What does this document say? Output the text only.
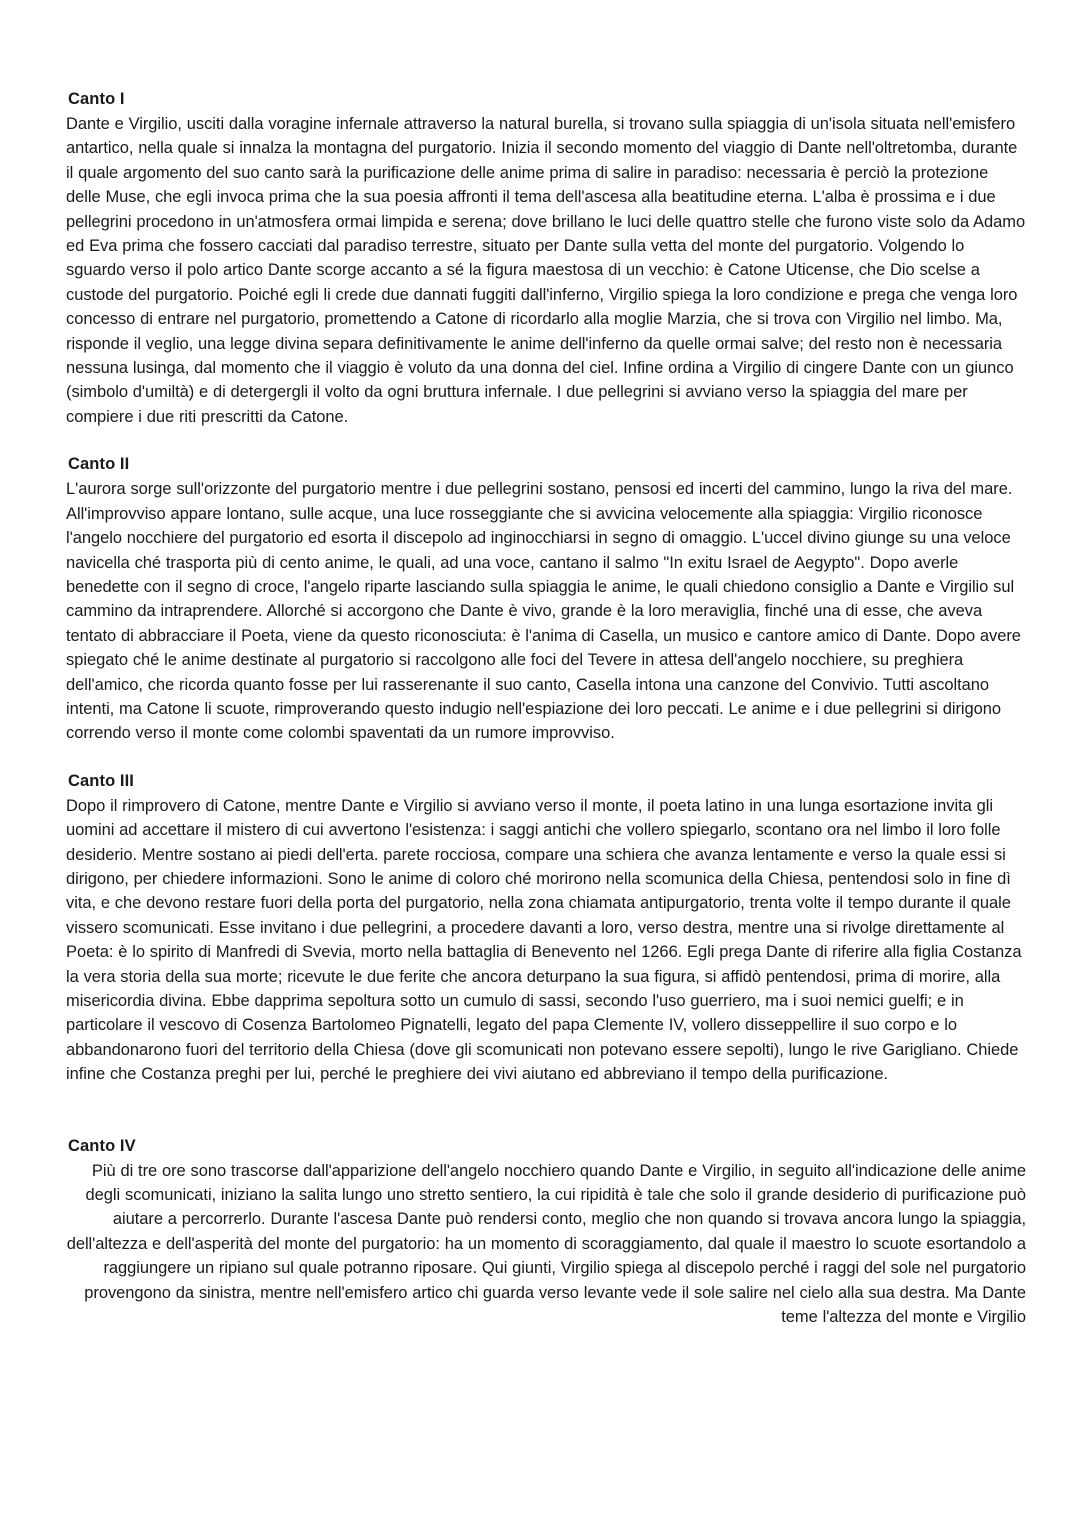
Canto I

Dante e Virgilio, usciti dalla voragine infernale attraverso la natural burella, si trovano sulla spiaggia di un'isola situata nell'emisfero antartico, nella quale si innalza la montagna del purgatorio. Inizia il secondo momento del viaggio di Dante nell'oltretomba, durante il quale argomento del suo canto sarà la purificazione delle anime prima di salire in paradiso: necessaria è perciò la protezione delle Muse, che egli invoca prima che la sua poesia affronti il tema dell'ascesa alla beatitudine eterna. L'alba è prossima e i due pellegrini procedono in un'atmosfera ormai limpida e serena; dove brillano le luci delle quattro stelle che furono viste solo da Adamo ed Eva prima che fossero cacciati dal paradiso terrestre, situato per Dante sulla vetta del monte del purgatorio. Volgendo lo sguardo verso il polo artico Dante scorge accanto a sé la figura maestosa di un vecchio: è Catone Uticense, che Dio scelse a custode del purgatorio. Poiché egli li crede due dannati fuggiti dall'inferno, Virgilio spiega la loro condizione e prega che venga loro concesso di entrare nel purgatorio, promettendo a Catone di ricordarlo alla moglie Marzia, che si trova con Virgilio nel limbo. Ma, risponde il veglio, una legge divina separa definitivamente le anime dell'inferno da quelle ormai salve; del resto non è necessaria nessuna lusinga, dal momento che il viaggio è voluto da una donna del ciel. Infine ordina a Virgilio di cingere Dante con un giunco (simbolo d'umiltà) e di detergergli il volto da ogni bruttura infernale. I due pellegrini si avviano verso la spiaggia del mare per compiere i due riti prescritti da Catone.

Canto II

L'aurora sorge sull'orizzonte del purgatorio mentre i due pellegrini sostano, pensosi ed incerti del cammino, lungo la riva del mare. All'improvviso appare lontano, sulle acque, una luce rosseggiante che si avvicina velocemente alla spiaggia: Virgilio riconosce l'angelo nocchiere del purgatorio ed esorta il discepolo ad inginocchiarsi in segno di omaggio. L'uccel divino giunge su una veloce navicella ché trasporta più di cento anime, le quali, ad una voce, cantano il salmo "In exitu Israel de Aegypto". Dopo averle benedette con il segno di croce, l'angelo riparte lasciando sulla spiaggia le anime, le quali chiedono consiglio a Dante e Virgilio sul cammino da intraprendere. Allorché si accorgono che Dante è vivo, grande è la loro meraviglia, finché una di esse, che aveva tentato di abbracciare il Poeta, viene da questo riconosciuta: è l'anima di Casella, un musico e cantore amico di Dante. Dopo avere spiegato ché le anime destinate al purgatorio si raccolgono alle foci del Tevere in attesa dell'angelo nocchiere, su preghiera dell'amico, che ricorda quanto fosse per lui rasserenante il suo canto, Casella intona una canzone del Convivio. Tutti ascoltano intenti, ma Catone li scuote, rimproverando questo indugio nell'espiazione dei loro peccati. Le anime e i due pellegrini si dirigono correndo verso il monte come colombi spaventati da un rumore improvviso.

Canto III

Dopo il rimprovero di Catone, mentre Dante e Virgilio si avviano verso il monte, il poeta latino in una lunga esortazione invita gli uomini ad accettare il mistero di cui avvertono l'esistenza: i saggi antichi che vollero spiegarlo, scontano ora nel limbo il loro folle desiderio. Mentre sostano ai piedi dell'erta. parete rocciosa, compare una schiera che avanza lentamente e verso la quale essi si dirigono, per chiedere informazioni. Sono le anime di coloro ché morirono nella scomunica della Chiesa, pentendosi solo in fine dì vita, e che devono restare fuori della porta del purgatorio, nella zona chiamata antipurgatorio, trenta volte il tempo durante il quale vissero scomunicati. Esse invitano i due pellegrini, a procedere davanti a loro, verso destra, mentre una si rivolge direttamente al Poeta: è lo spirito di Manfredi di Svevia, morto nella battaglia di Benevento nel 1266. Egli prega Dante di riferire alla figlia Costanza la vera storia della sua morte; ricevute le due ferite che ancora deturpano la sua figura, si affidò pentendosi, prima di morire, alla misericordia divina. Ebbe dapprima sepoltura sotto un cumulo di sassi, secondo l'uso guerriero, ma i suoi nemici guelfi; e in particolare il vescovo di Cosenza Bartolomeo Pignatelli, legato del papa Clemente IV, vollero disseppellire il suo corpo e lo abbandonarono fuori del territorio della Chiesa (dove gli scomunicati non potevano essere sepolti), lungo le rive Garigliano. Chiede infine che Costanza preghi per lui, perché le preghiere dei vivi aiutano ed abbreviano il tempo della purificazione.

Canto IV

Più di tre ore sono trascorse dall'apparizione dell'angelo nocchiero quando Dante e Virgilio, in seguito all'indicazione delle anime degli scomunicati, iniziano la salita lungo uno stretto sentiero, la cui ripidità è tale che solo il grande desiderio di purificazione può aiutare a percorrerlo. Durante l'ascesa Dante può rendersi conto, meglio che non quando si trovava ancora lungo la spiaggia, dell'altezza e dell'asperità del monte del purgatorio: ha un momento di scoraggiamento, dal quale il maestro lo scuote esortandolo a raggiungere un ripiano sul quale potranno riposare. Qui giunti, Virgilio spiega al discepolo perché i raggi del sole nel purgatorio provengono da sinistra, mentre nell'emisfero artico chi guarda verso levante vede il sole salire nel cielo alla sua destra. Ma Dante teme l'altezza del monte e Virgilio
